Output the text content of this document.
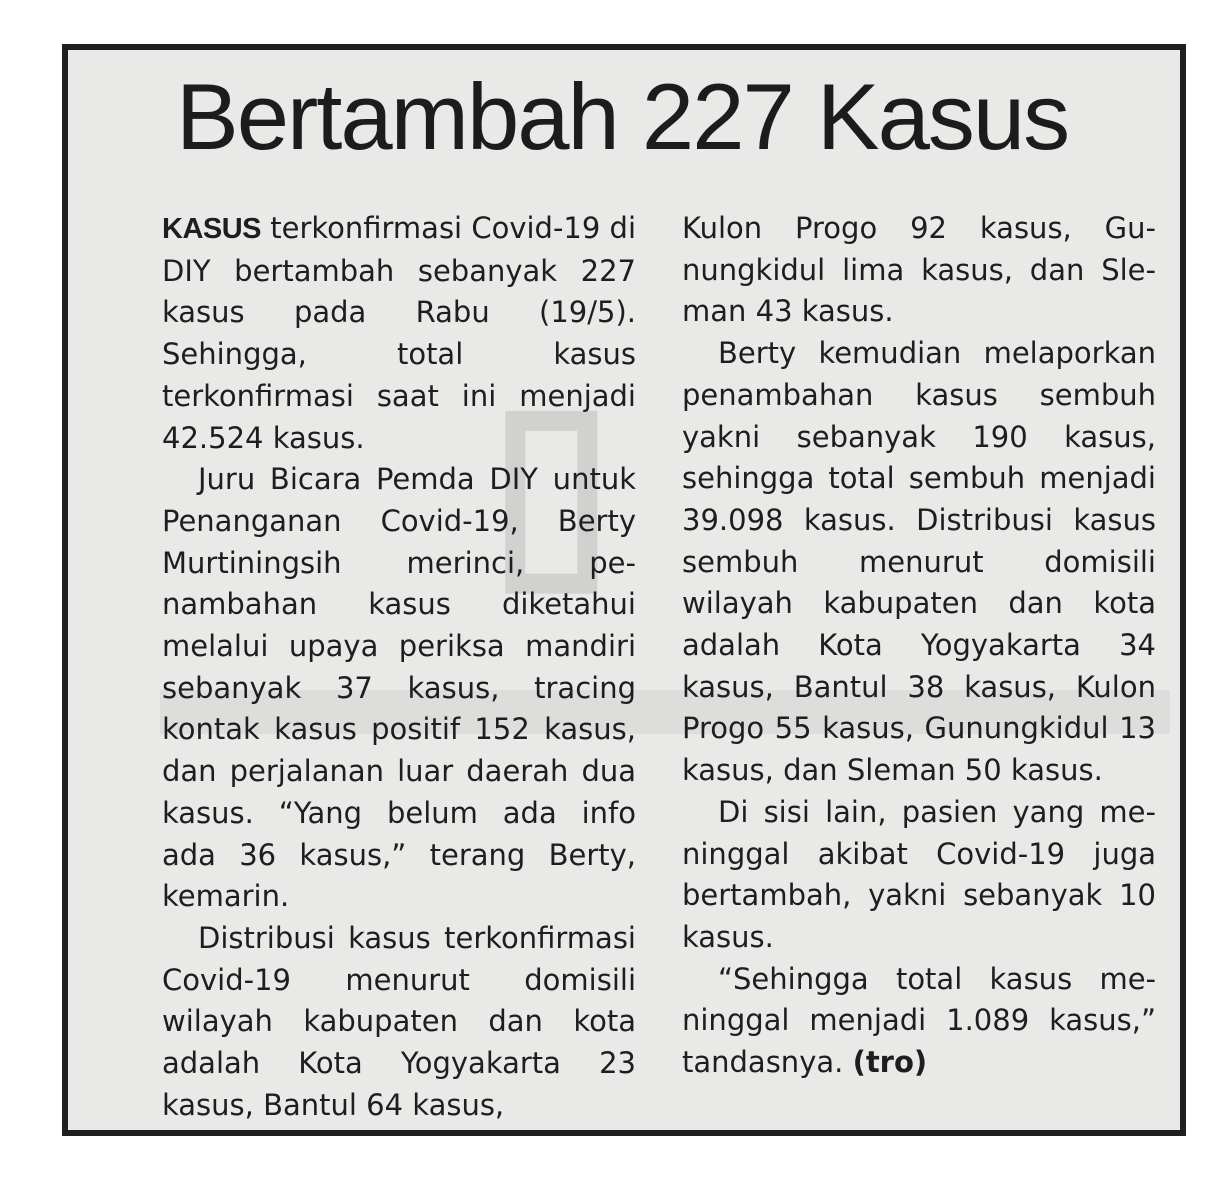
▯
Bertambah 227 Kasus

KASUS terkonfirmasi Covid-19 di DIY bertambah sebanyak 227 kasus pada Rabu (19/5). Sehingga, total kasus terkonfirmasi saat ini menjadi 42.524 kasus.

Juru Bicara Pemda DIY untuk Penanganan Covid-19, Berty Murtiningsih merinci, penambahan kasus diketahui melalui upaya periksa mandiri sebanyak 37 kasus, tracing kontak kasus positif 152 kasus, dan perjalanan luar daerah dua kasus. “Yang belum ada info ada 36 kasus,” terang Berty, kemarin.

Distribusi kasus terkonfirmasi Covid-19 menurut domisili wilayah kabupaten dan kota adalah Kota Yogyakarta 23 kasus, Bantul 64 kasus,

Kulon Progo 92 kasus, Gunungkidul lima kasus, dan Sleman 43 kasus.

Berty kemudian melaporkan penambahan kasus sembuh yakni sebanyak 190 kasus, sehingga total sembuh menjadi 39.098 kasus. Distribusi kasus sembuh menurut domisili wilayah kabupaten dan kota adalah Kota Yogyakarta 34 kasus, Bantul 38 kasus, Kulon Progo 55 kasus, Gunungkidul 13 kasus, dan Sleman 50 kasus.

Di sisi lain, pasien yang meninggal akibat Covid-19 juga bertambah, yakni sebanyak 10 kasus.

“Sehingga total kasus meninggal menjadi 1.089 kasus,” tandasnya. (tro)
